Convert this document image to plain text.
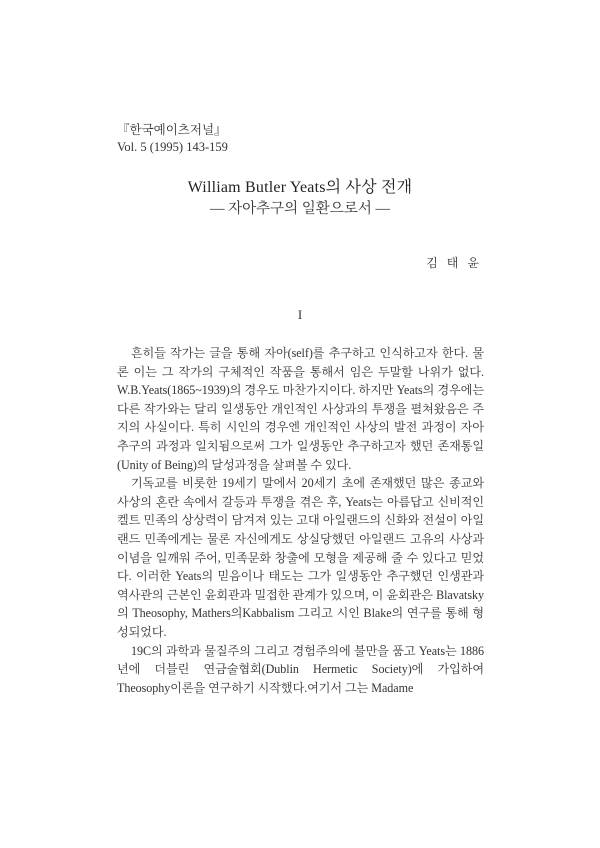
『한국예이츠저널』
Vol. 5 (1995) 143-159
William Butler Yeats의 사상 전개
— 자아추구의 일환으로서 —
김 태 윤
I

흔히들 작가는 글을 통해 자아(self)를 추구하고 인식하고자 한다. 물론 이는 그 작가의 구체적인 작품을 통해서 임은 두말할 나위가 없다. W.B.Yeats(1865~1939)의 경우도 마찬가지이다. 하지만 Yeats의 경우에는 다른 작가와는 달리 일생동안 개인적인 사상과의 투쟁을 펼쳐왔음은 주지의 사실이다. 특히 시인의 경우엔 개인적인 사상의 발전 과정이 자아추구의 과정과 일치됨으로써 그가 일생동안 추구하고자 했던 존재통일(Unity of Being)의 달성과정을 살펴볼 수 있다.

기독교를 비롯한 19세기 말에서 20세기 초에 존재했던 많은 종교와 사상의 혼란 속에서 갈등과 투쟁을 겪은 후, Yeats는 아름답고 신비적인 켈트 민족의 상상력이 담겨져 있는 고대 아일랜드의 신화와 전설이 아일랜드 민족에게는 물론 자신에게도 상실당했던 아일랜드 고유의 사상과 이념을 일깨워 주어, 민족문화 창출에 모형을 제공해 줄 수 있다고 믿었다. 이러한 Yeats의 믿음이나 태도는 그가 일생동안 추구했던 인생관과 역사관의 근본인 윤회관과 밀접한 관계가 있으며, 이 윤회관은 Blavatsky의 Theosophy, Mathers의Kabbalism 그리고 시인 Blake의 연구를 통해 형성되었다.

19C의 과학과 물질주의 그리고 경험주의에 불만을 품고 Yeats는 1886년에 더블린 연금술협회(Dublin Hermetic Society)에 가입하여 Theosophy이론을 연구하기 시작했다.여기서 그는 Madame
